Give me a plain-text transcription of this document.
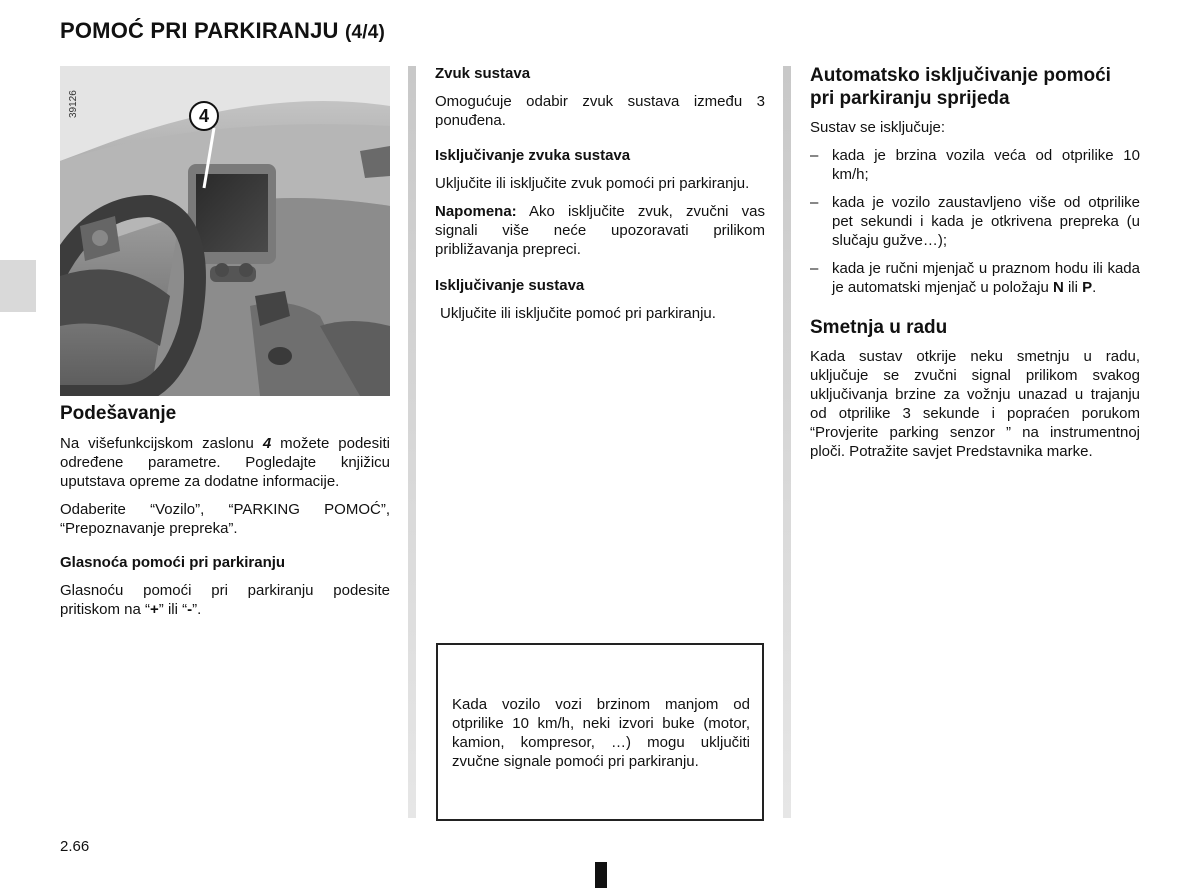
POMOĆ PRI PARKIRANJU (4/4)
39126	4
Podešavanje

Na višefunkcijskom zaslonu 4 možete podesiti određene parametre. Pogledajte knjižicu uputstava opreme za dodatne informacije.

Odaberite “Vozilo”, “PARKING POMOĆ”, “Prepoznavanje prepreka”.

Glasnoća pomoći pri parkiranju

Glasnoću pomoći pri parkiranju podesite pritiskom na “+” ili “-”.

Zvuk sustava

Omogućuje odabir zvuk sustava između 3 ponuđena.

Isključivanje zvuka sustava

Uključite ili isključite zvuk pomoći pri parkiranju.

Napomena: Ako isključite zvuk, zvučni vas signali više neće upozoravati prilikom približavanja prepreci.

Isključivanje sustava

Uključite ili isključite pomoć pri parkiranju.

Kada vozilo vozi brzinom manjom od otprilike 10 km/h, neki izvori buke (motor, kamion, kompresor, …) mogu uključiti zvučne signale pomoći pri parkiranju.
Automatsko isključivanje pomoći pri parkiranju sprijeda

Sustav se isključuje:

– kada je brzina vozila veća od otprilike 10 km/h;
– kada je vozilo zaustavljeno više od otprilike pet sekundi i kada je otkrivena prepreka (u slučaju gužve…);
– kada je ručni mjenjač u praznom hodu ili kada je automatski mjenjač u položaju N ili P.
Smetnja u radu

Kada sustav otkrije neku smetnju u radu, uključuje se zvučni signal prilikom svakog uključivanja brzine za vožnju unazad u trajanju od otprilike 3 sekunde i popraćen porukom “Provjerite parking senzor ” na instrumentnoj ploči. Potražite savjet Predstavnika marke.

2.66
